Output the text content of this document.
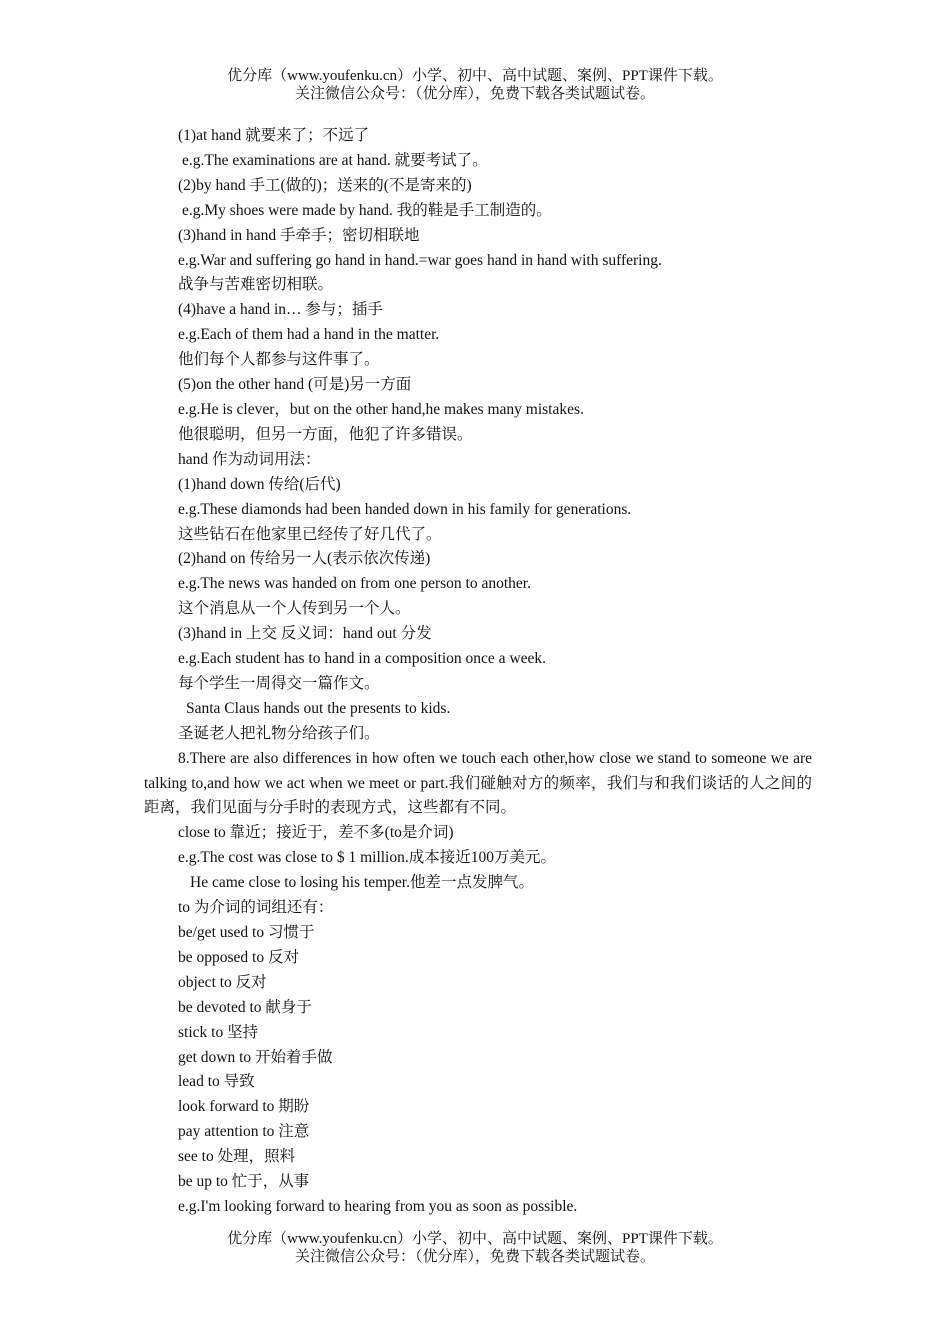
优分库（www.youfenku.cn）小学、初中、高中试题、案例、PPT课件下载。
关注微信公众号：（优分库），免费下载各类试题试卷。
(1)at hand 就要来了；不远了
e.g.The examinations are at hand. 就要考试了。
(2)by hand 手工(做的)；送来的(不是寄来的)
e.g.My shoes were made by hand. 我的鞋是手工制造的。
(3)hand in hand 手牵手；密切相联地
e.g.War and suffering go hand in hand.=war goes hand in hand with suffering.
战争与苦难密切相联。
(4)have a hand in… 参与；插手
e.g.Each of them had a hand in the matter.
他们每个人都参与这件事了。
(5)on the other hand (可是)另一方面
e.g.He is clever，but on the other hand,he makes many mistakes.
他很聪明，但另一方面，他犯了许多错误。
hand 作为动词用法：
(1)hand down 传给(后代)
e.g.These diamonds had been handed down in his family for generations.
这些钻石在他家里已经传了好几代了。
(2)hand on 传给另一人(表示依次传递)
e.g.The news was handed on from one person to another.
这个消息从一个人传到另一个人。
(3)hand in 上交 反义词：hand out 分发
e.g.Each student has to hand in a composition once a week.
每个学生一周得交一篇作文。
Santa Claus hands out the presents to kids.
圣诞老人把礼物分给孩子们。
8.There are also differences in how often we touch each other,how close we stand to someone we are talking to,and how we act when we meet or part.我们碰触对方的频率，我们与和我们谈话的人之间的距离，我们见面与分手时的表现方式，这些都有不同。
close to 靠近；接近于，差不多(to是介词)
e.g.The cost was close to $ 1 million.成本接近100万美元。
He came close to losing his temper.他差一点发脾气。
to 为介词的词组还有：
be/get used to 习惯于
be opposed to 反对
object to 反对
be devoted to 献身于
stick to 坚持
get down to 开始着手做
lead to 导致
look forward to 期盼
pay attention to 注意
see to 处理，照料
be up to 忙于，从事
e.g.I'm looking forward to hearing from you as soon as possible.
优分库（www.youfenku.cn）小学、初中、高中试题、案例、PPT课件下载。
关注微信公众号：（优分库），免费下载各类试题试卷。
